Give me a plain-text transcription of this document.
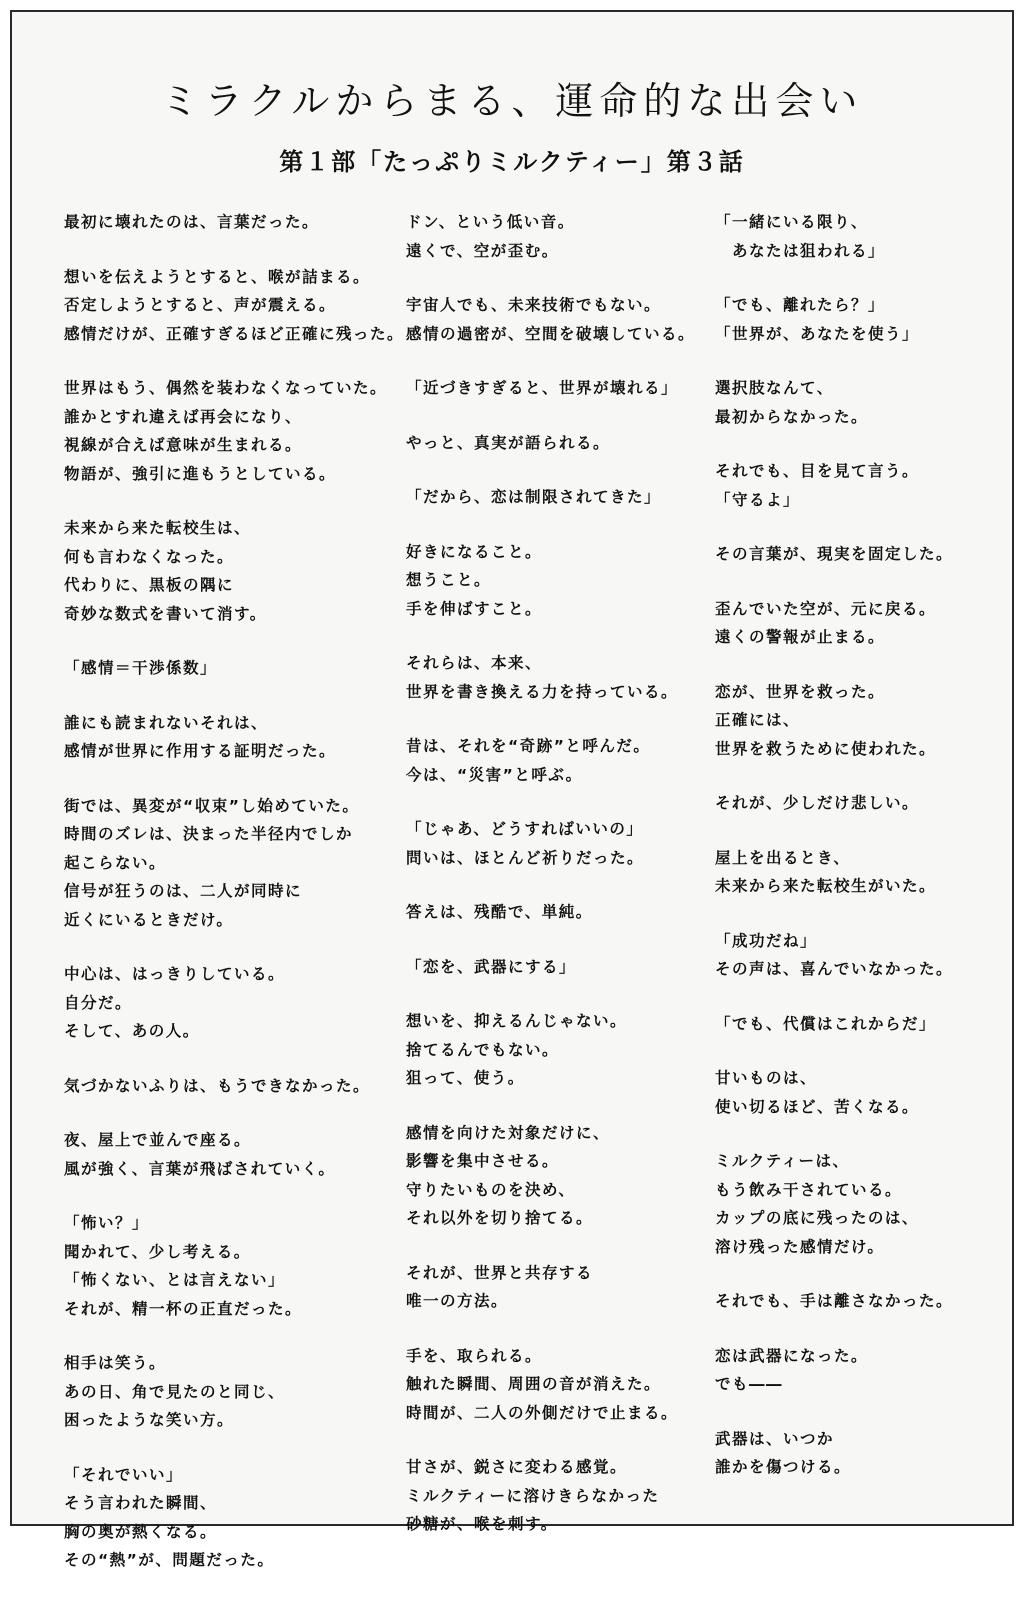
ミラクルからまる、運命的な出会い
第１部「たっぷりミルクティー」第３話
最初に壊れたのは、言葉だった。
想いを伝えようとすると、喉が詰まる。
否定しようとすると、声が震える。
感情だけが、正確すぎるほど正確に残った。
世界はもう、偶然を装わなくなっていた。
誰かとすれ違えば再会になり、
視線が合えば意味が生まれる。
物語が、強引に進もうとしている。
未来から来た転校生は、
何も言わなくなった。
代わりに、黒板の隅に
奇妙な数式を書いて消す。
「感情＝干渉係数」
誰にも読まれないそれは、
感情が世界に作用する証明だった。
街では、異変が“収束”し始めていた。
時間のズレは、決まった半径内でしか
起こらない。
信号が狂うのは、二人が同時に
近くにいるときだけ。
中心は、はっきりしている。
自分だ。
そして、あの人。
気づかないふりは、もうできなかった。
夜、屋上で並んで座る。
風が強く、言葉が飛ばされていく。
「怖い？」
聞かれて、少し考える。
「怖くない、とは言えない」
それが、精一杯の正直だった。
相手は笑う。
あの日、角で見たのと同じ、
困ったような笑い方。
「それでいい」
そう言われた瞬間、
胸の奥が熱くなる。
その“熱”が、問題だった。
ドン、という低い音。
遠くで、空が歪む。
宇宙人でも、未来技術でもない。
感情の過密が、空間を破壊している。
「近づきすぎると、世界が壊れる」
やっと、真実が語られる。
「だから、恋は制限されてきた」
好きになること。
想うこと。
手を伸ばすこと。
それらは、本来、
世界を書き換える力を持っている。
昔は、それを“奇跡”と呼んだ。
今は、“災害”と呼ぶ。
「じゃあ、どうすればいいの」
問いは、ほとんど祈りだった。
答えは、残酷で、単純。
「恋を、武器にする」
想いを、抑えるんじゃない。
捨てるんでもない。
狙って、使う。
感情を向けた対象だけに、
影響を集中させる。
守りたいものを決め、
それ以外を切り捨てる。
それが、世界と共存する
唯一の方法。
手を、取られる。
触れた瞬間、周囲の音が消えた。
時間が、二人の外側だけで止まる。
甘さが、鋭さに変わる感覚。
ミルクティーに溶けきらなかった
砂糖が、喉を刺す。
「一緒にいる限り、
　あなたは狙われる」
「でも、離れたら？」
「世界が、あなたを使う」
選択肢なんて、
最初からなかった。
それでも、目を見て言う。
「守るよ」
その言葉が、現実を固定した。
歪んでいた空が、元に戻る。
遠くの警報が止まる。
恋が、世界を救った。
正確には、
世界を救うために使われた。
それが、少しだけ悲しい。
屋上を出るとき、
未来から来た転校生がいた。
「成功だね」
その声は、喜んでいなかった。
「でも、代償はこれからだ」
甘いものは、
使い切るほど、苦くなる。
ミルクティーは、
もう飲み干されている。
カップの底に残ったのは、
溶け残った感情だけ。
それでも、手は離さなかった。
恋は武器になった。
でも――
武器は、いつか
誰かを傷つける。
